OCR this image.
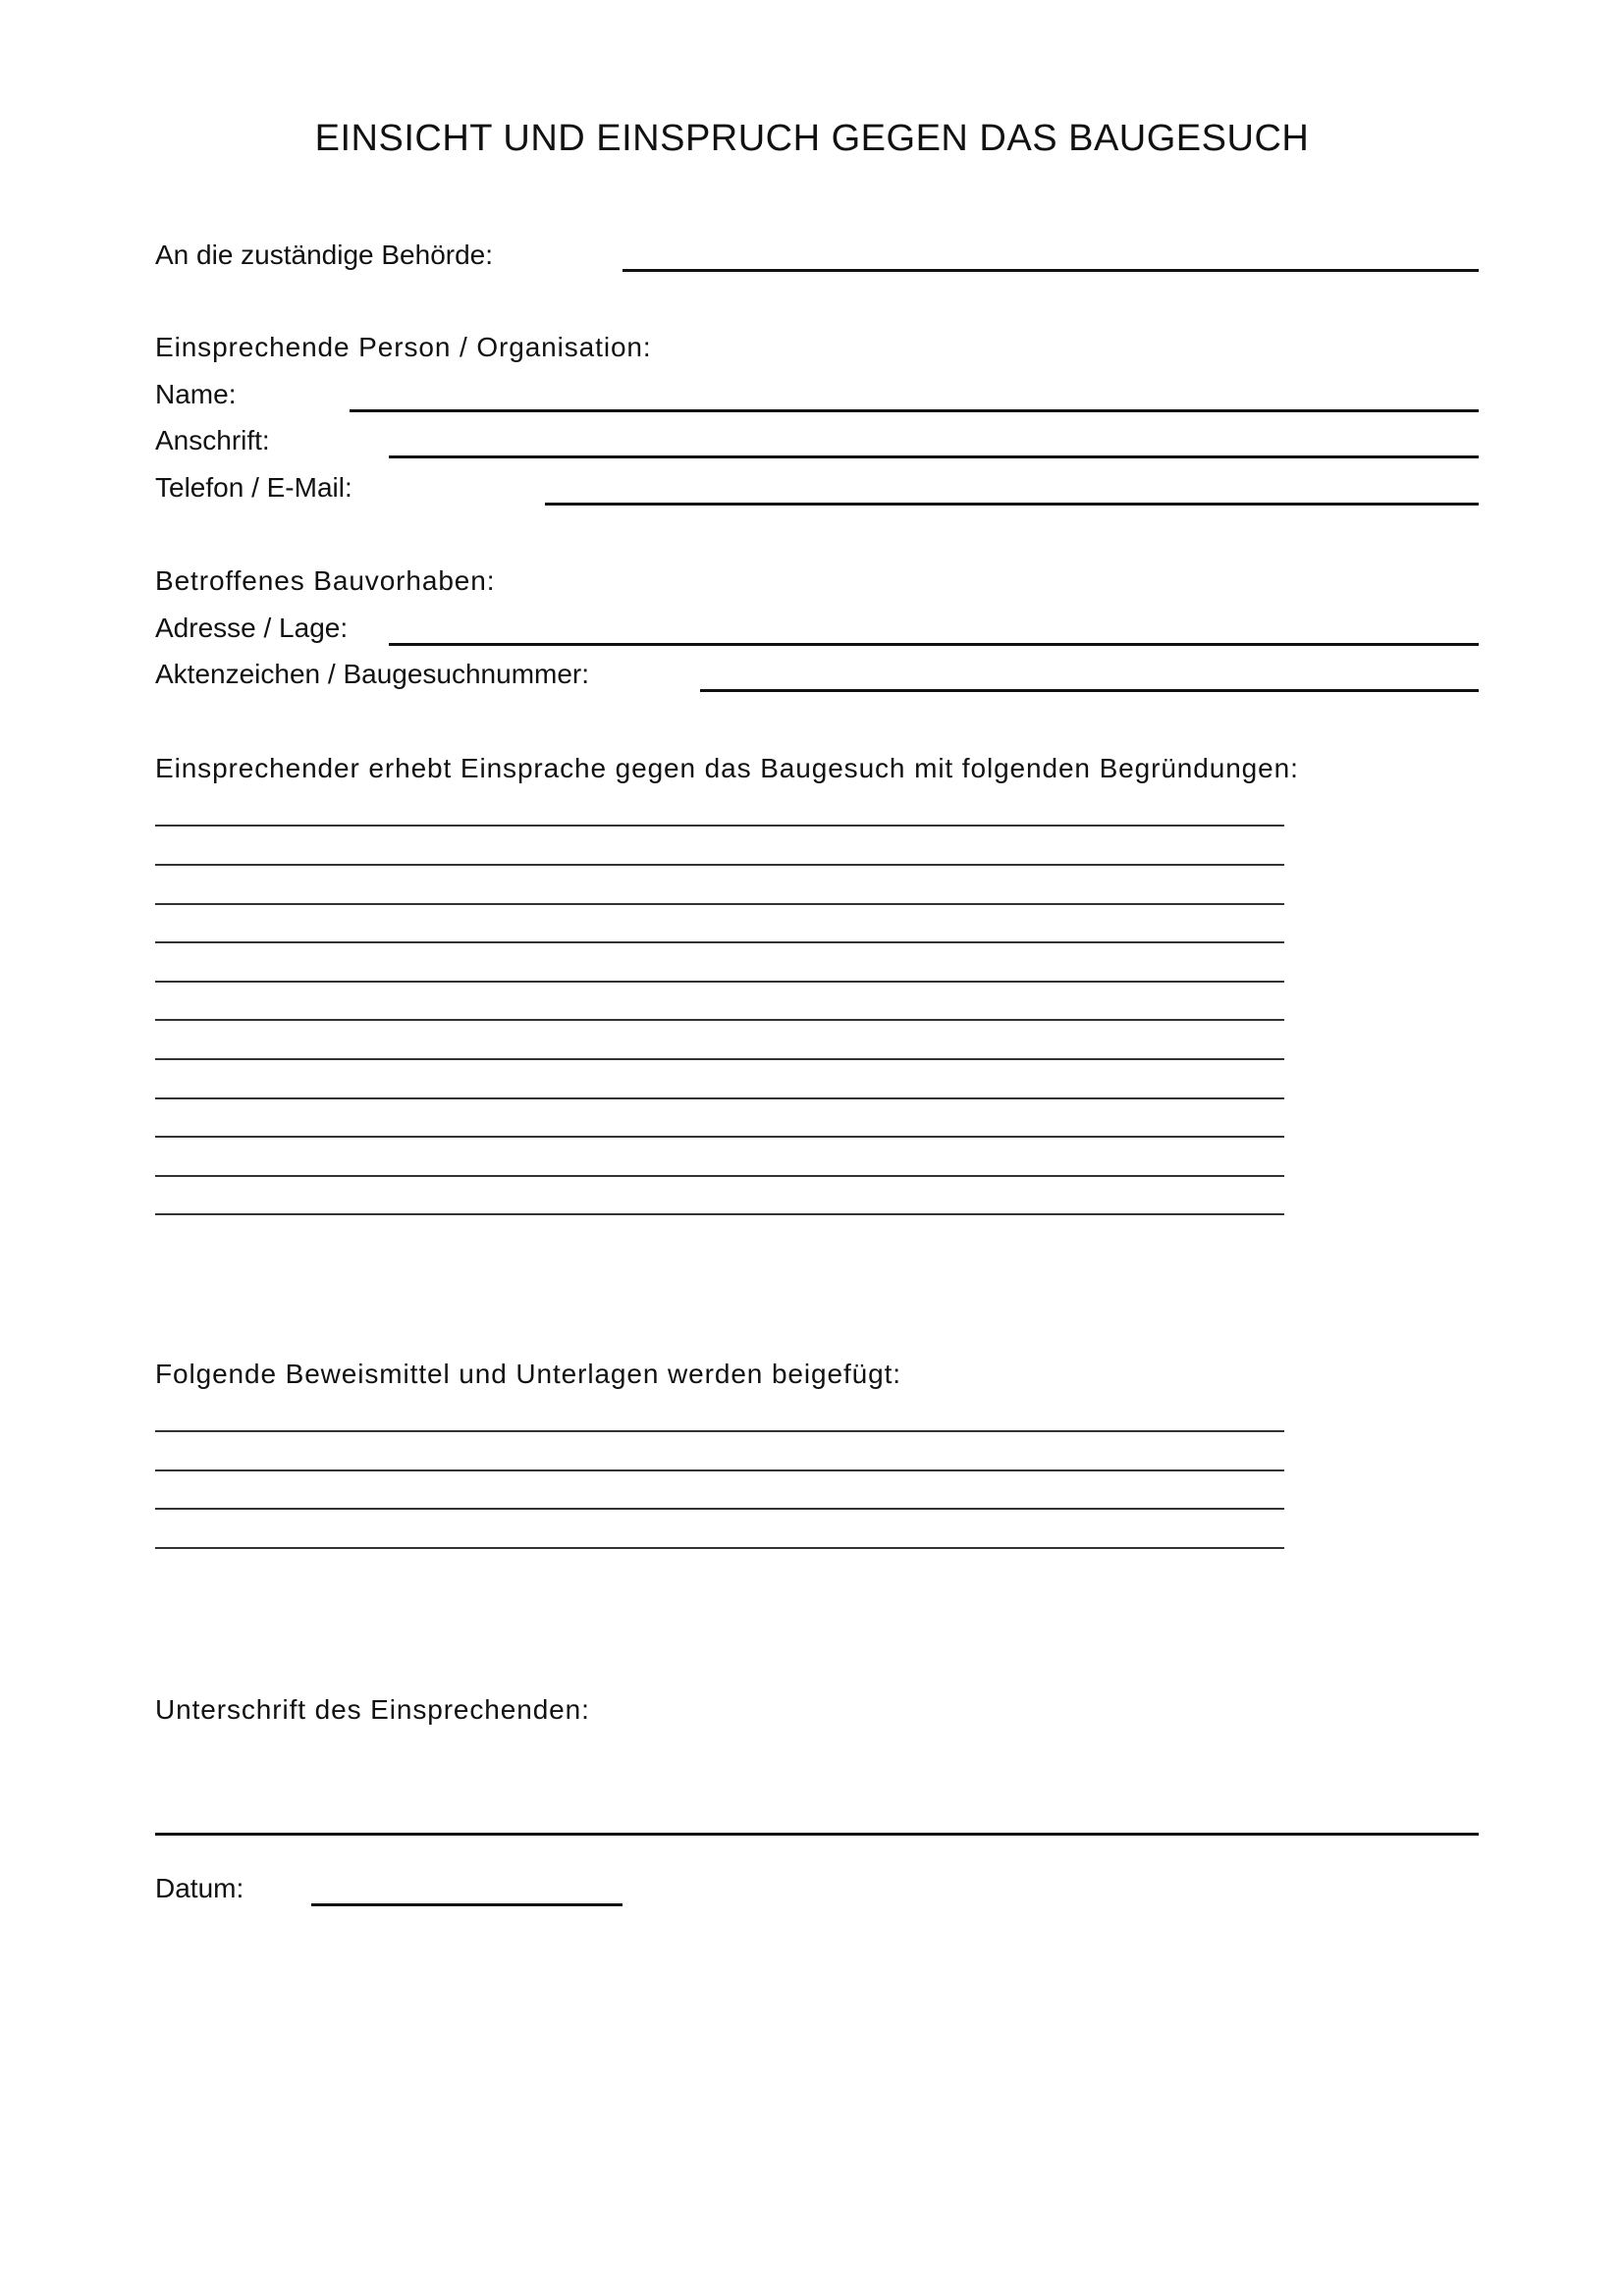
EINSICHT UND EINSPRUCH GEGEN DAS BAUGESUCH
An die zuständige Behörde:
Einsprechende Person / Organisation:
Name:
Anschrift:
Telefon / E-Mail:
Betroffenes Bauvorhaben:
Adresse / Lage:
Aktenzeichen / Baugesuchnummer:
Einsprechender erhebt Einsprache gegen das Baugesuch mit folgenden Begründungen:
Folgende Beweismittel und Unterlagen werden beigefügt:
Unterschrift des Einsprechenden:
Datum:
